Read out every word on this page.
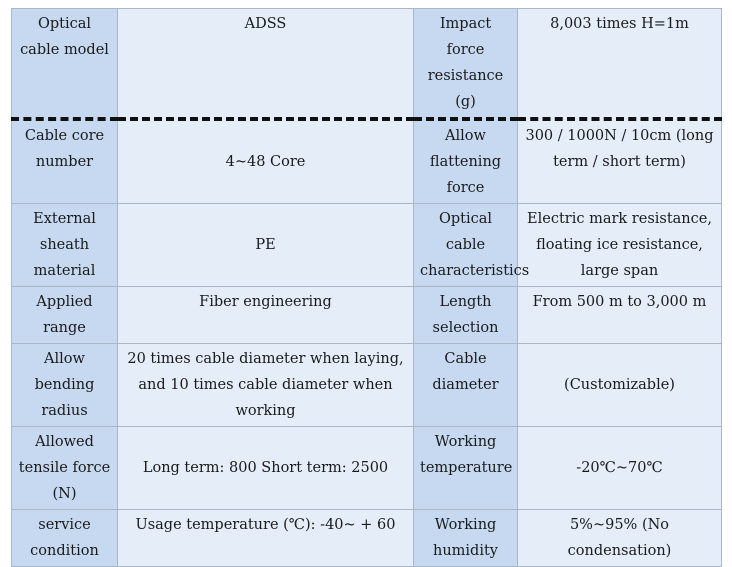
Optical cable model	ADSS	Impact force resistance (g)	8,003 times H=1m
Cable core number	4~48 Core	Allow flattening force	300 / 1000N / 10cm (long term / short term)
External sheath material	PE	Optical cable characteristics	Electric mark resistance, floating ice resistance, large span
Applied range	Fiber engineering	Length selection	From 500 m to 3,000 m
Allow bending radius	20 times cable diameter when laying, and 10 times cable diameter when working	Cable diameter	(Customizable)
Allowed tensile force (N)	Long term: 800 Short term: 2500	Working temperature	-20℃~70℃
service condition	Usage temperature (℃): -40~ + 60	Working humidity	5%~95% (No condensation)
